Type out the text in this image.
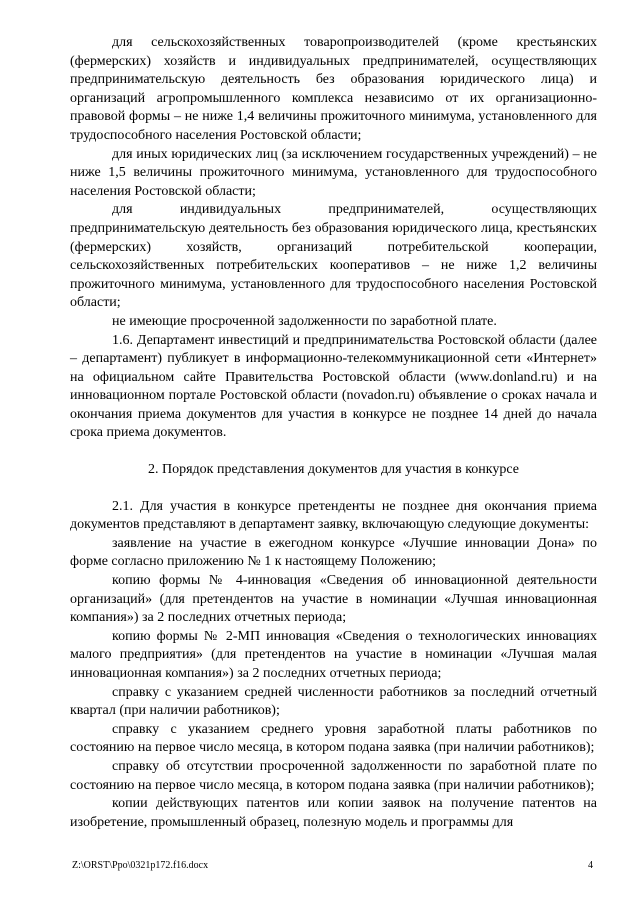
для сельскохозяйственных товаропроизводителей (кроме крестьянских (фермерских) хозяйств и индивидуальных предпринимателей, осуществляющих предпринимательскую деятельность без образования юридического лица) и организаций агропромышленного комплекса независимо от их организационно-правовой формы – не ниже 1,4 величины прожиточного минимума, установленного для трудоспособного населения Ростовской области;

для иных юридических лиц (за исключением государственных учреждений) – не ниже 1,5 величины прожиточного минимума, установленного для трудоспособного населения Ростовской области;

для индивидуальных предпринимателей, осуществляющих предпринимательскую деятельность без образования юридического лица, крестьянских (фермерских) хозяйств, организаций потребительской кооперации, сельскохозяйственных потребительских кооперативов – не ниже 1,2 величины прожиточного минимума, установленного для трудоспособного населения Ростовской области;

не имеющие просроченной задолженности по заработной плате.

1.6. Департамент инвестиций и предпринимательства Ростовской области (далее – департамент) публикует в информационно-телекоммуникационной сети «Интернет» на официальном сайте Правительства Ростовской области (www.donland.ru) и на инновационном портале Ростовской области (novadon.ru) объявление о сроках начала и окончания приема документов для участия в конкурсе не позднее 14 дней до начала срока приема документов.

2. Порядок представления документов для участия в конкурсе

2.1. Для участия в конкурсе претенденты не позднее дня окончания приема документов представляют в департамент заявку, включающую следующие документы:

заявление на участие в ежегодном конкурсе «Лучшие инновации Дона» по форме согласно приложению № 1 к настоящему Положению;

копию формы № 4-инновация «Сведения об инновационной деятельности организаций» (для претендентов на участие в номинации «Лучшая инновационная компания») за 2 последних отчетных периода;

копию формы № 2-МП инновация «Сведения о технологических инновациях малого предприятия» (для претендентов на участие в номинации «Лучшая малая инновационная компания») за 2 последних отчетных периода;

справку с указанием средней численности работников за последний отчетный квартал (при наличии работников);

справку с указанием среднего уровня заработной платы работников по состоянию на первое число месяца, в котором подана заявка (при наличии работников);

справку об отсутствии просроченной задолженности по заработной плате по состоянию на первое число месяца, в котором подана заявка (при наличии работников);

копии действующих патентов или копии заявок на получение патентов на изобретение, промышленный образец, полезную модель и программы для

Z:\ORST\Ppo\0321p172.f16.docx	4
